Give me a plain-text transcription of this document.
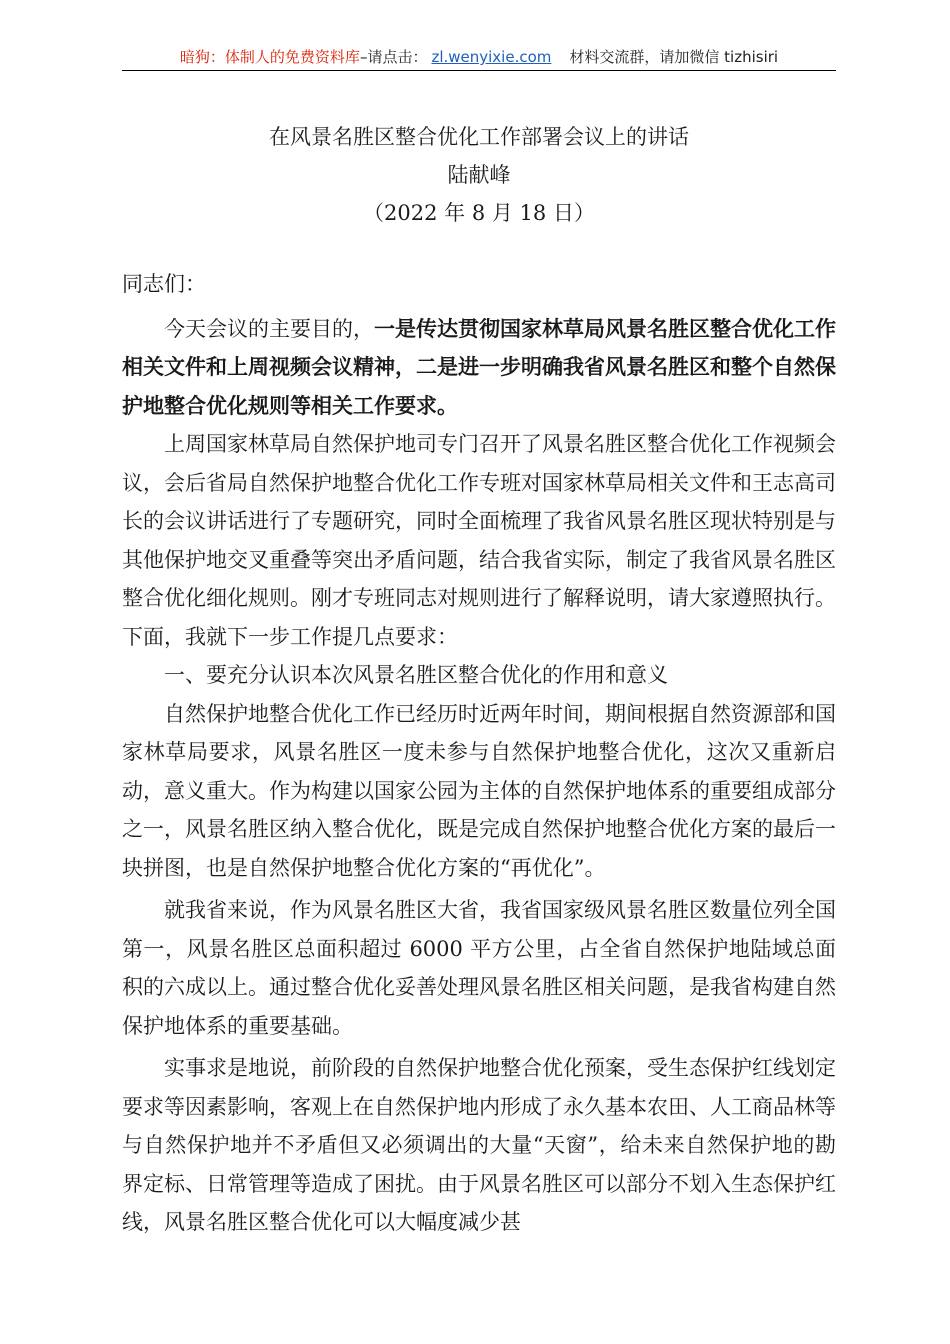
暗狗：体制人的免费资料库–请点击： zl.wenyixie.com 材料交流群，请加微信 tizhisiri
在风景名胜区整合优化工作部署会议上的讲话
陆献峰
（2022 年 8 月 18 日）

同志们：

今天会议的主要目的，一是传达贯彻国家林草局风景名胜区整合优化工作相关文件和上周视频会议精神，二是进一步明确我省风景名胜区和整个自然保护地整合优化规则等相关工作要求。

上周国家林草局自然保护地司专门召开了风景名胜区整合优化工作视频会议，会后省局自然保护地整合优化工作专班对国家林草局相关文件和王志高司长的会议讲话进行了专题研究，同时全面梳理了我省风景名胜区现状特别是与其他保护地交叉重叠等突出矛盾问题，结合我省实际，制定了我省风景名胜区整合优化细化规则。刚才专班同志对规则进行了解释说明，请大家遵照执行。下面，我就下一步工作提几点要求：

一、要充分认识本次风景名胜区整合优化的作用和意义

自然保护地整合优化工作已经历时近两年时间，期间根据自然资源部和国家林草局要求，风景名胜区一度未参与自然保护地整合优化，这次又重新启动，意义重大。作为构建以国家公园为主体的自然保护地体系的重要组成部分之一，风景名胜区纳入整合优化，既是完成自然保护地整合优化方案的最后一块拼图，也是自然保护地整合优化方案的“再优化”。

就我省来说，作为风景名胜区大省，我省国家级风景名胜区数量位列全国第一，风景名胜区总面积超过 6000 平方公里，占全省自然保护地陆域总面积的六成以上。通过整合优化妥善处理风景名胜区相关问题，是我省构建自然保护地体系的重要基础。

实事求是地说，前阶段的自然保护地整合优化预案，受生态保护红线划定要求等因素影响，客观上在自然保护地内形成了永久基本农田、人工商品林等与自然保护地并不矛盾但又必须调出的大量“天窗”，给未来自然保护地的勘界定标、日常管理等造成了困扰。由于风景名胜区可以部分不划入生态保护红线，风景名胜区整合优化可以大幅度减少甚
